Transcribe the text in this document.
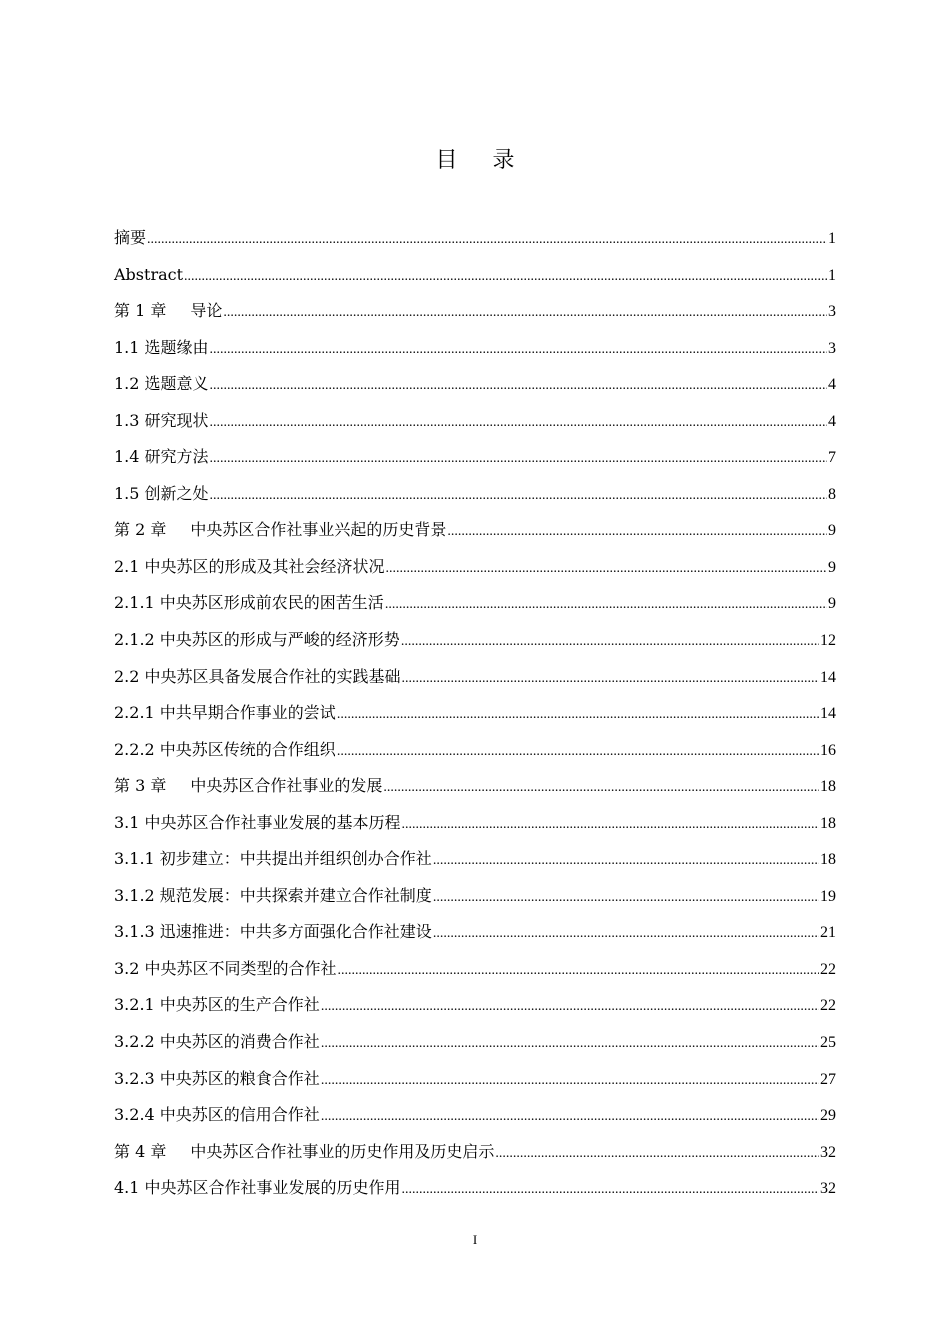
目 录
摘要 .....	1
Abstract .....	1
第 1 章 导论 .....	3
1.1 选题缘由 .....	3
1.2 选题意义 .....	4
1.3 研究现状 .....	4
1.4 研究方法 .....	7
1.5 创新之处 .....	8
第 2 章 中央苏区合作社事业兴起的历史背景 .....	9
2.1 中央苏区的形成及其社会经济状况 .....	9
2.1.1 中央苏区形成前农民的困苦生活 .....	9
2.1.2 中央苏区的形成与严峻的经济形势 .....	12
2.2 中央苏区具备发展合作社的实践基础 .....	14
2.2.1 中共早期合作事业的尝试 .....	14
2.2.2 中央苏区传统的合作组织 .....	16
第 3 章 中央苏区合作社事业的发展 .....	18
3.1 中央苏区合作社事业发展的基本历程 .....	18
3.1.1 初步建立：中共提出并组织创办合作社 .....	18
3.1.2 规范发展：中共探索并建立合作社制度 .....	19
3.1.3 迅速推进：中共多方面强化合作社建设 .....	21
3.2 中央苏区不同类型的合作社 .....	22
3.2.1 中央苏区的生产合作社 .....	22
3.2.2 中央苏区的消费合作社 .....	25
3.2.3 中央苏区的粮食合作社 .....	27
3.2.4 中央苏区的信用合作社 .....	29
第 4 章 中央苏区合作社事业的历史作用及历史启示 .....	32
4.1 中央苏区合作社事业发展的历史作用 .....	32
I
